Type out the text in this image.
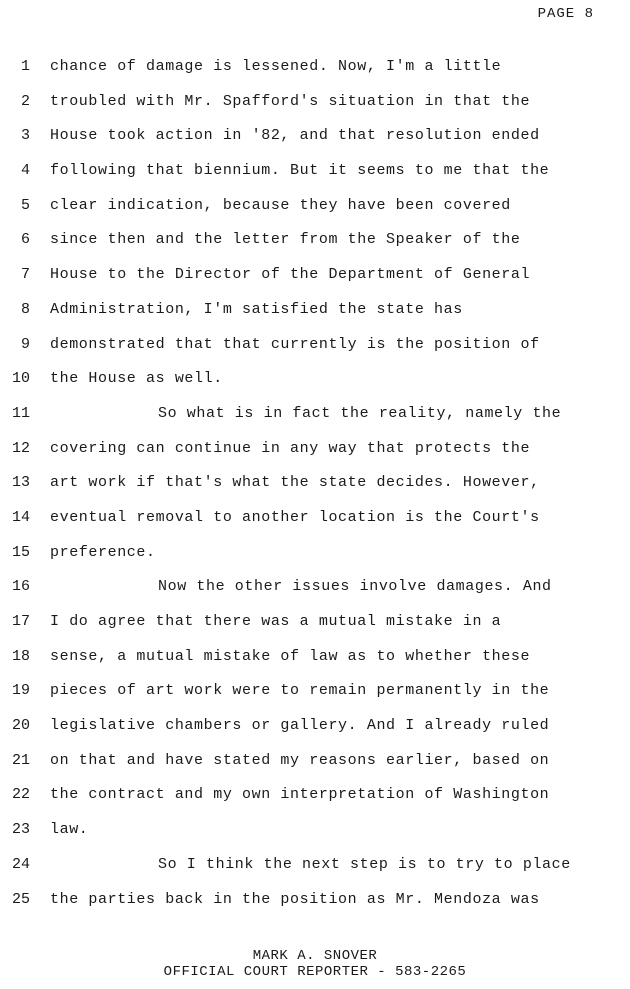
PAGE 8
1 chance of damage is lessened. Now, I'm a little
2 troubled with Mr. Spafford's situation in that the
3 House took action in '82, and that resolution ended
4 following that biennium. But it seems to me that the
5 clear indication, because they have been covered
6 since then and the letter from the Speaker of the
7 House to the Director of the Department of General
8 Administration, I'm satisfied the state has
9 demonstrated that that currently is the position of
10 the House as well.
11	So what is in fact the reality, namely the
12 covering can continue in any way that protects the
13 art work if that's what the state decides. However,
14 eventual removal to another location is the Court's
15 preference.
16	Now the other issues involve damages. And
17 I do agree that there was a mutual mistake in a
18 sense, a mutual mistake of law as to whether these
19 pieces of art work were to remain permanently in the
20 legislative chambers or gallery. And I already ruled
21 on that and have stated my reasons earlier, based on
22 the contract and my own interpretation of Washington
23 law.
24	So I think the next step is to try to place
25 the parties back in the position as Mr. Mendoza was
MARK A. SNOVER
OFFICIAL COURT REPORTER - 583-2265
